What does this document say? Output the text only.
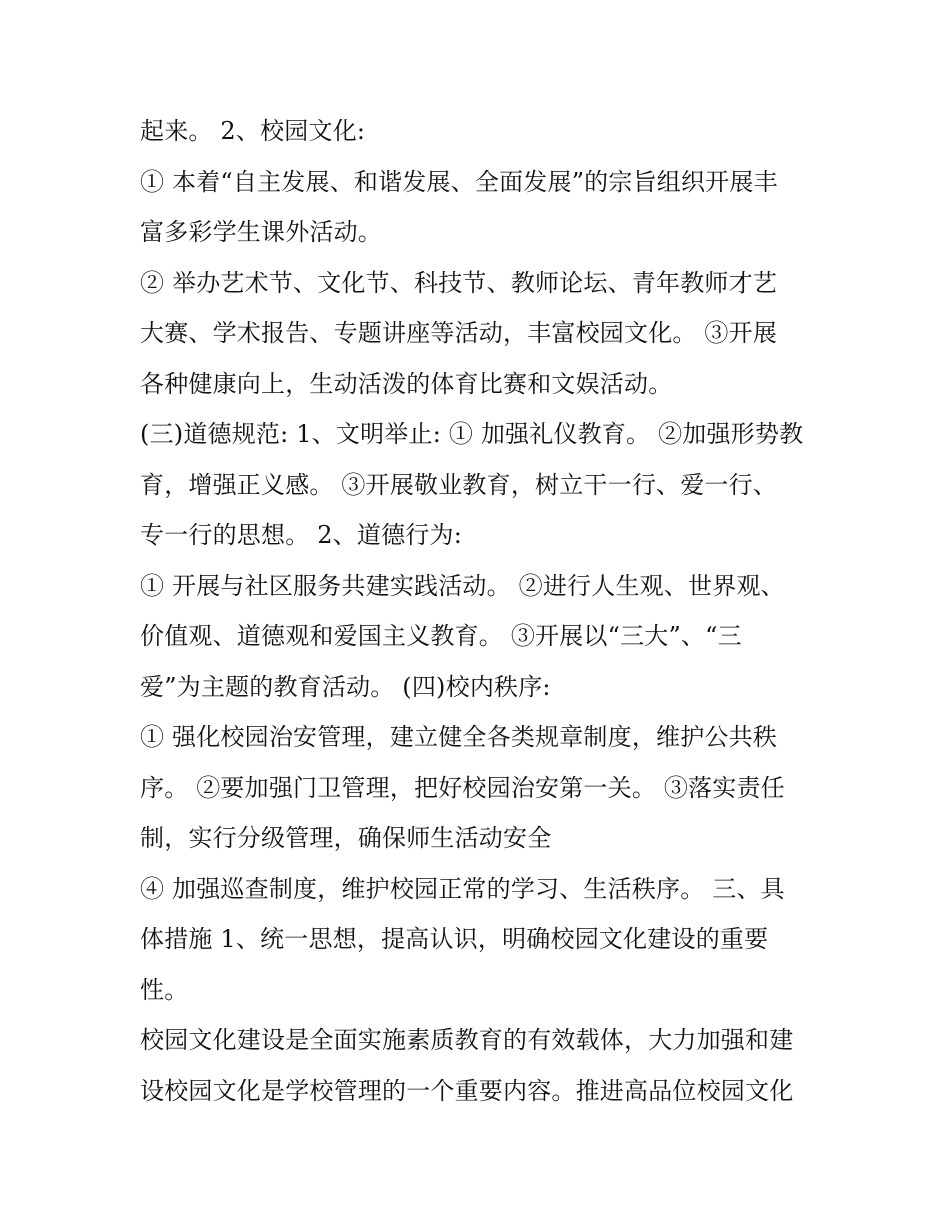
起来。 2、校园文化:
① 本着“自主发展、和谐发展、全面发展”的宗旨组织开展丰
富多彩学生课外活动。
② 举办艺术节、文化节、科技节、教师论坛、青年教师才艺
大赛、学术报告、专题讲座等活动，丰富校园文化。 ③开展
各种健康向上，生动活泼的体育比赛和文娱活动。
(三)道德规范: 1、文明举止: ① 加强礼仪教育。 ②加强形势教
育，增强正义感。 ③开展敬业教育，树立干一行、爱一行、
专一行的思想。 2、道德行为:
① 开展与社区服务共建实践活动。 ②进行人生观、世界观、
价值观、道德观和爱国主义教育。 ③开展以“三大”、“三
爱”为主题的教育活动。 (四)校内秩序:
① 强化校园治安管理，建立健全各类规章制度，维护公共秩
序。 ②要加强门卫管理，把好校园治安第一关。 ③落实责任
制，实行分级管理，确保师生活动安全
④ 加强巡查制度，维护校园正常的学习、生活秩序。 三、具
体措施 1、统一思想，提高认识，明确校园文化建设的重要
性。
校园文化建设是全面实施素质教育的有效载体，大力加强和建
设校园文化是学校管理的一个重要内容。推进高品位校园文化
